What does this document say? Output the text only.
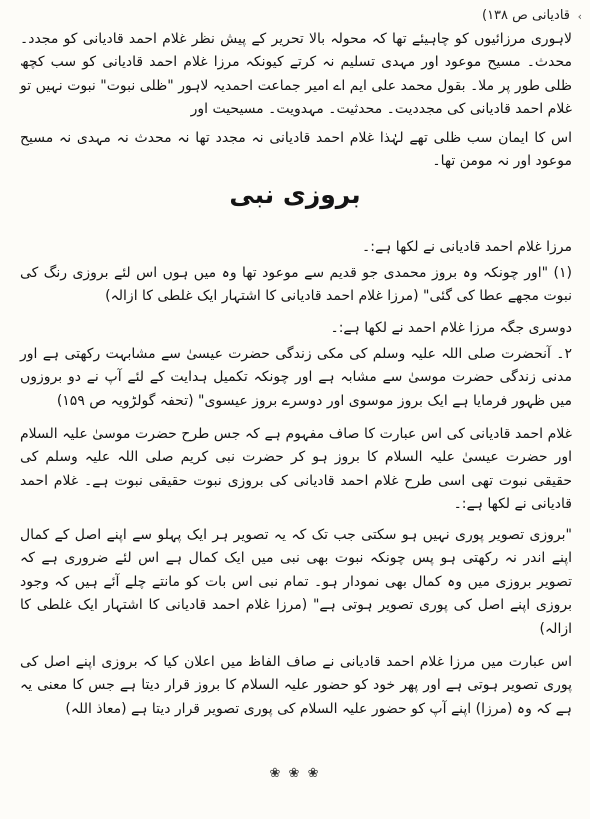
›
قادیانی ص ۱۳۸)

لاہوری مرزائیوں کو چاہیئے تھا کہ محولہ بالا تحریر کے پیش نظر غلام احمد قادیانی کو مجدد۔ محدث۔ مسیح موعود اور مہدی تسلیم نہ کرتے کیونکہ مرزا غلام احمد قادیانی کو سب کچھ ظلی طور پر ملا۔ بقول محمد علی ایم اے امیر جماعت احمدیہ لاہور "ظلی نبوت" نبوت نہیں تو غلام احمد قادیانی کی مجددیت۔ محدثیت۔ مہدویت۔ مسیحیت اور

اس کا ایمان سب ظلی تھے لہٰذا غلام احمد قادیانی نہ مجدد تھا نہ محدث نہ مہدی نہ مسیح موعود اور نہ مومن تھا۔

بروزی نبی

مرزا غلام احمد قادیانی نے لکھا ہے:۔

(۱) "اور چونکہ وہ بروز محمدی جو قدیم سے موعود تھا وہ میں ہوں اس لئے بروزی رنگ کی نبوت مجھے عطا کی گئی" (مرزا غلام احمد قادیانی کا اشتہار ایک غلطی کا ازالہ)

دوسری جگہ مرزا غلام احمد نے لکھا ہے:۔

۲۔ آنحضرت صلی اللہ علیہ وسلم کی مکی زندگی حضرت عیسیٰ سے مشابہت رکھتی ہے اور مدنی زندگی حضرت موسیٰ سے مشابہ ہے اور چونکہ تکمیل ہدایت کے لئے آپ نے دو بروزوں میں ظہور فرمایا ہے ایک بروز موسوی اور دوسرے بروز عیسوی" (تحفہ گولڑویہ ص ۱۵۹)

غلام احمد قادیانی کی اس عبارت کا صاف مفہوم ہے کہ جس طرح حضرت موسیٰ علیہ السلام اور حضرت عیسیٰ علیہ السلام کا بروز ہو کر حضرت نبی کریم صلی اللہ علیہ وسلم کی حقیقی نبوت تھی اسی طرح غلام احمد قادیانی کی بروزی نبوت حقیقی نبوت ہے۔ غلام احمد قادیانی نے لکھا ہے:۔

"بروزی تصویر پوری نہیں ہو سکتی جب تک کہ یہ تصویر ہر ایک پہلو سے اپنے اصل کے کمال اپنے اندر نہ رکھتی ہو پس چونکہ نبوت بھی نبی میں ایک کمال ہے اس لئے ضروری ہے کہ تصویر بروزی میں وہ کمال بھی نمودار ہو۔ تمام نبی اس بات کو مانتے چلے آئے ہیں کہ وجود بروزی اپنے اصل کی پوری تصویر ہوتی ہے" (مرزا غلام احمد قادیانی کا اشتہار ایک غلطی کا ازالہ)

اس عبارت میں مرزا غلام احمد قادیانی نے صاف الفاظ میں اعلان کیا کہ بروزی اپنے اصل کی پوری تصویر ہوتی ہے اور پھر خود کو حضور علیہ السلام کا بروز قرار دیتا ہے جس کا معنی یہ ہے کہ وہ (مرزا) اپنے آپ کو حضور علیہ السلام کی پوری تصویر قرار دیتا ہے (معاذ اللہ)

❀ ❀ ❀
